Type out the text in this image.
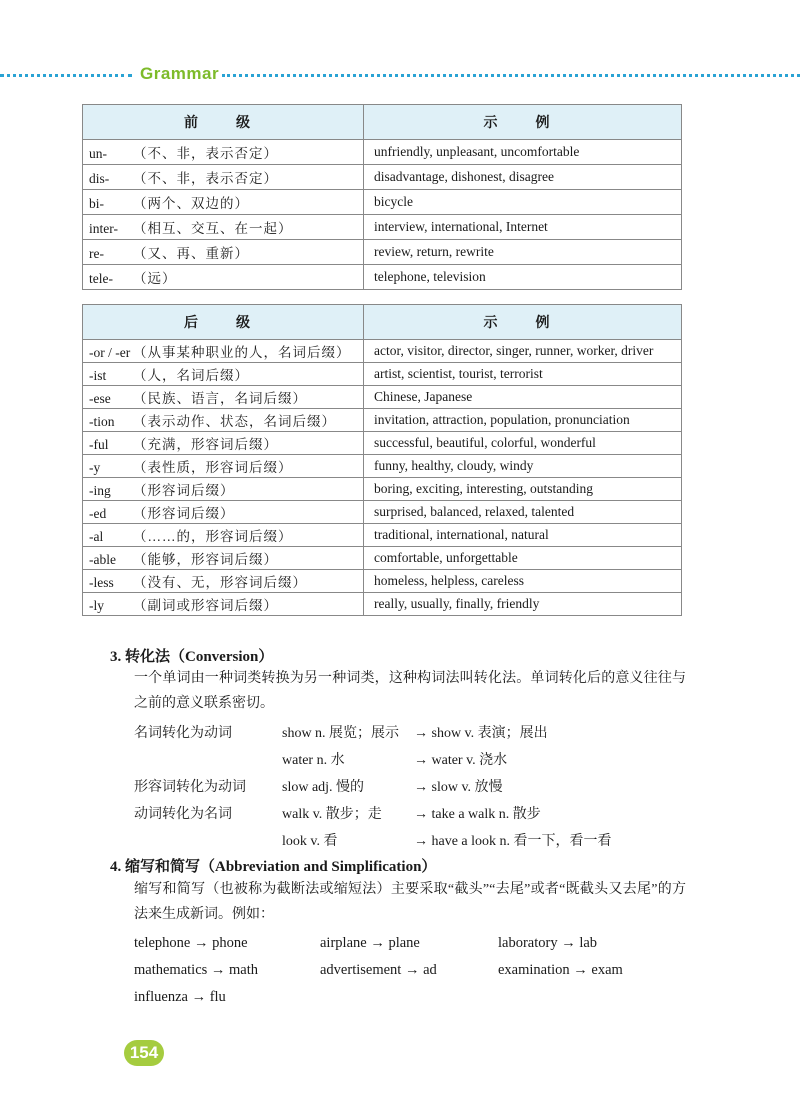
Grammar
前　级	示　例
un- （不、非，表示否定）	unfriendly, unpleasant, uncomfortable
dis- （不、非，表示否定）	disadvantage, dishonest, disagree
bi- （两个、双边的）	bicycle
inter- （相互、交互、在一起）	interview, international, Internet
re- （又、再、重新）	review, return, rewrite
tele- （远）	telephone, television
后　级	示　例
-or / -er （从事某种职业的人，名词后缀）	actor, visitor, director, singer, runner, worker, driver
-ist （人，名词后缀）	artist, scientist, tourist, terrorist
-ese （民族、语言，名词后缀）	Chinese, Japanese
-tion （表示动作、状态，名词后缀）	invitation, attraction, population, pronunciation
-ful （充满，形容词后缀）	successful, beautiful, colorful, wonderful
-y （表性质，形容词后缀）	funny, healthy, cloudy, windy
-ing （形容词后缀）	boring, exciting, interesting, outstanding
-ed （形容词后缀）	surprised, balanced, relaxed, talented
-al （……的，形容词后缀）	traditional, international, natural
-able （能够，形容词后缀）	comfortable, unforgettable
-less （没有、无，形容词后缀）	homeless, helpless, careless
-ly （副词或形容词后缀）	really, usually, finally, friendly
3. 转化法（Conversion）
一个单词由一种词类转换为另一种词类，这种构词法叫转化法。单词转化后的意义往往与之前的意义联系密切。
名词转化为动词	show n. 展览；展示 → show v. 表演；展出
water n. 水	→ water v. 浇水
形容词转化为动词	slow adj. 慢的	→ slow v. 放慢
动词转化为名词	walk v. 散步；走 → take a walk n. 散步
look v. 看	→ have a look n. 看一下，看一看
4. 缩写和简写（Abbreviation and Simplification）
缩写和简写（也被称为截断法或缩短法）主要采取“截头”“去尾”或者“既截头又去尾”的方法来生成新词。例如：
telephone → phone	airplane → plane	laboratory → lab
mathematics → math	advertisement → ad	examination → exam
influenza → flu
154
